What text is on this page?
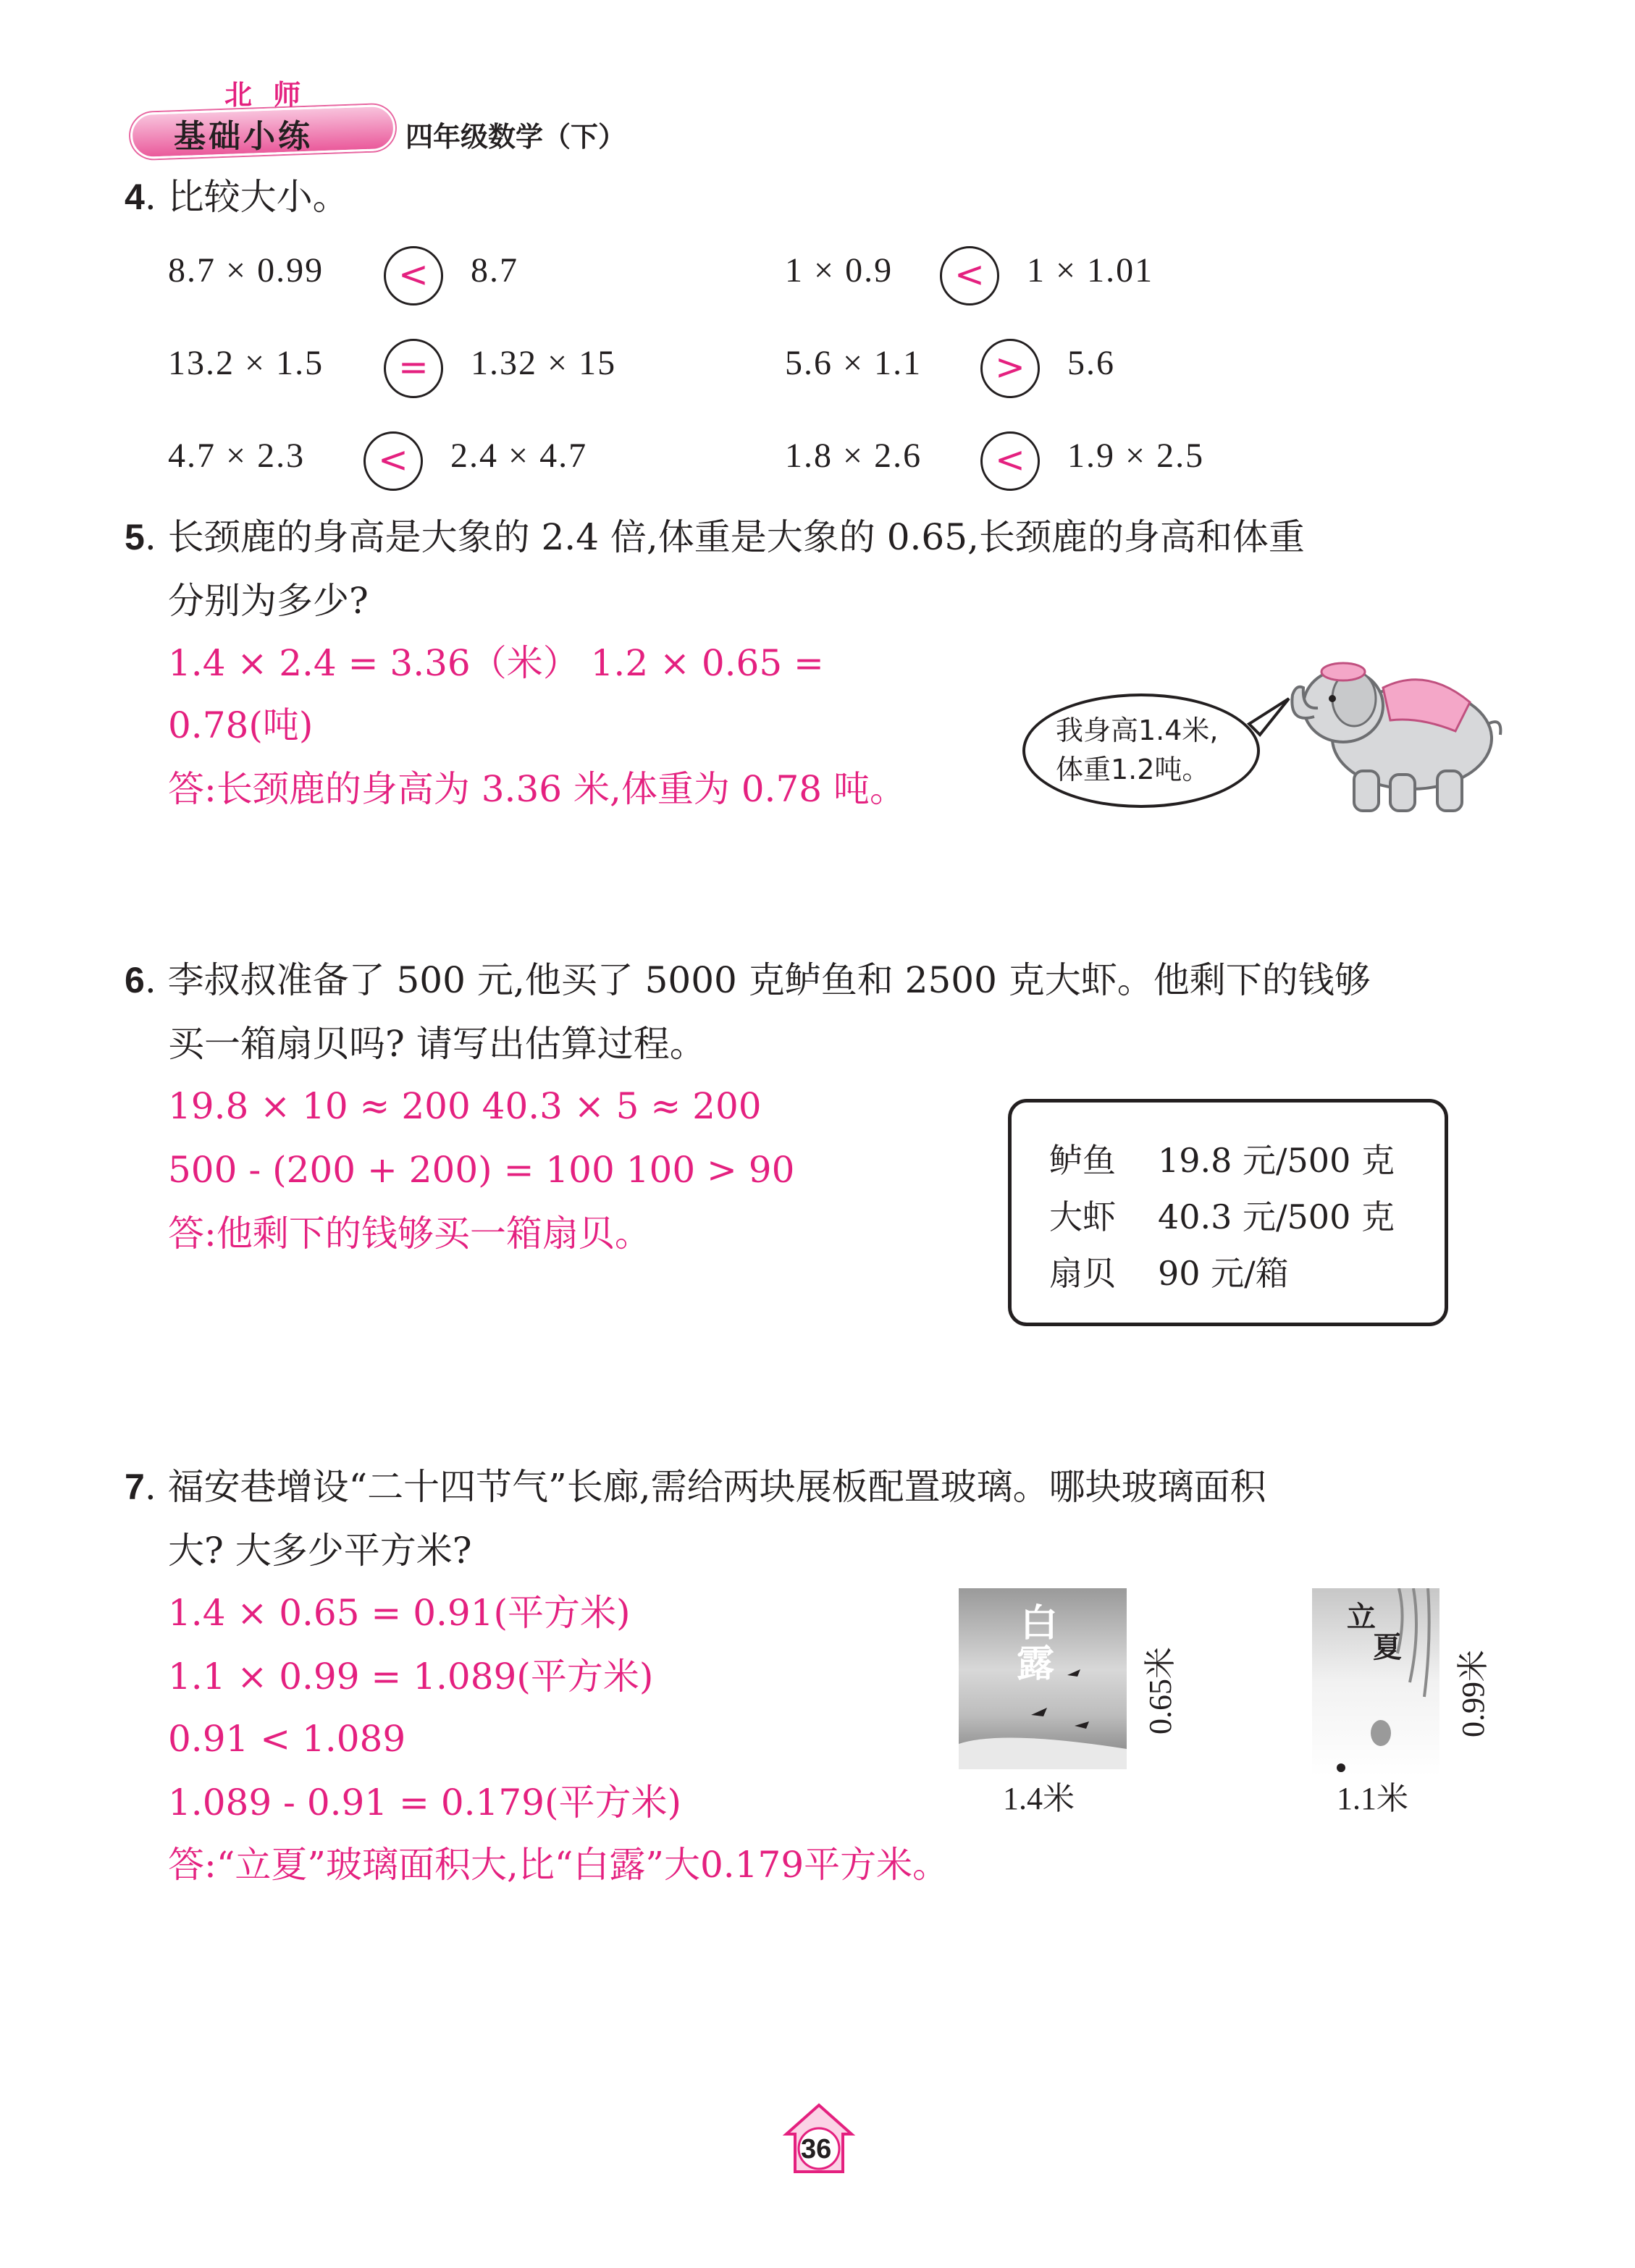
北 师
基础小练	四年级数学（下）
4. 比较大小。
8.7 × 0.99	<	8.7	1 × 0.9	<	1 × 1.01
13.2 × 1.5	=	1.32 × 15	5.6 × 1.1	>	5.6
4.7 × 2.3	<	2.4 × 4.7	1.8 × 2.6	<	1.9 × 2.5
5. 长颈鹿的身高是大象的 2.4 倍,体重是大象的 0.65,长颈鹿的身高和体重
分别为多少?
1.4 × 2.4 = 3.36（米） 1.2 × 0.65 =
0.78(吨)
答:长颈鹿的身高为 3.36 米,体重为 0.78 吨。
我身高1.4米,
体重1.2吨。
6. 李叔叔准备了 500 元,他买了 5000 克鲈鱼和 2500 克大虾。他剩下的钱够
买一箱扇贝吗? 请写出估算过程。
19.8 × 10 ≈ 200 40.3 × 5 ≈ 200
500 - (200 + 200) = 100 100 > 90
答:他剩下的钱够买一箱扇贝。
鲈鱼 19.8 元/500 克
大虾 40.3 元/500 克
扇贝 90 元/箱
7. 福安巷增设“二十四节气”长廊,需给两块展板配置玻璃。哪块玻璃面积
大? 大多少平方米?
1.4 × 0.65 = 0.91(平方米)
1.1 × 0.99 = 1.089(平方米)
0.91 < 1.089
1.089 - 0.91 = 0.179(平方米)
答:“立夏”玻璃面积大,比“白露”大0.179平方米。
白
露	0.65米
1.4米
立
夏
0.99米
1.1米
36
